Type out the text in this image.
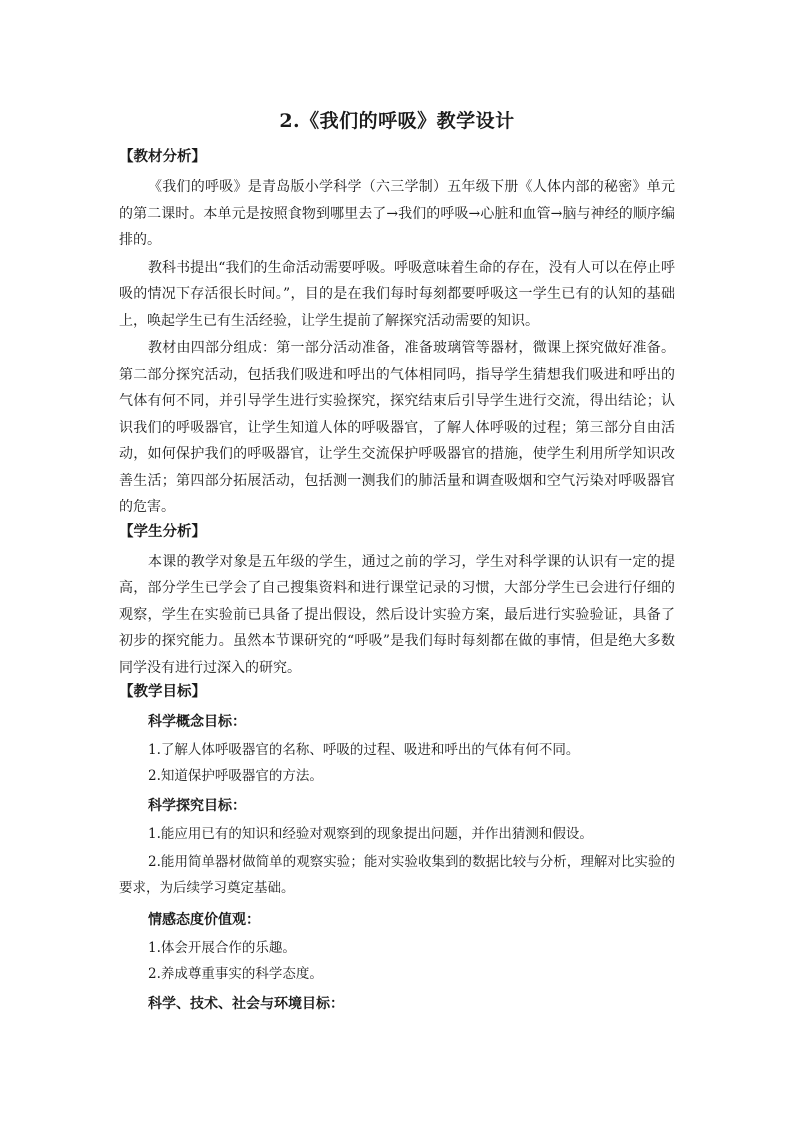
2.《我们的呼吸》教学设计
【教材分析】

《我们的呼吸》是青岛版小学科学（六三学制）五年级下册《人体内部的秘密》单元的第二课时。本单元是按照食物到哪里去了→我们的呼吸→心脏和血管→脑与神经的顺序编排的。

教科书提出“我们的生命活动需要呼吸。呼吸意味着生命的存在，没有人可以在停止呼吸的情况下存活很长时间。”，目的是在我们每时每刻都要呼吸这一学生已有的认知的基础上，唤起学生已有生活经验，让学生提前了解探究活动需要的知识。

教材由四部分组成：第一部分活动准备，准备玻璃管等器材，微课上探究做好准备。第二部分探究活动，包括我们吸进和呼出的气体相同吗，指导学生猜想我们吸进和呼出的气体有何不同，并引导学生进行实验探究，探究结束后引导学生进行交流，得出结论；认识我们的呼吸器官，让学生知道人体的呼吸器官，了解人体呼吸的过程；第三部分自由活动，如何保护我们的呼吸器官，让学生交流保护呼吸器官的措施，使学生利用所学知识改善生活；第四部分拓展活动，包括测一测我们的肺活量和调查吸烟和空气污染对呼吸器官的危害。

【学生分析】

本课的教学对象是五年级的学生，通过之前的学习，学生对科学课的认识有一定的提高，部分学生已学会了自己搜集资料和进行课堂记录的习惯，大部分学生已会进行仔细的观察，学生在实验前已具备了提出假设，然后设计实验方案，最后进行实验验证，具备了初步的探究能力。虽然本节课研究的“呼吸”是我们每时每刻都在做的事情，但是绝大多数同学没有进行过深入的研究。

【教学目标】
科学概念目标：
1.了解人体呼吸器官的名称、呼吸的过程、吸进和呼出的气体有何不同。
2.知道保护呼吸器官的方法。
科学探究目标：
1.能应用已有的知识和经验对观察到的现象提出问题，并作出猜测和假设。
2.能用简单器材做简单的观察实验；能对实验收集到的数据比较与分析，理解对比实验的要求，为后续学习奠定基础。
情感态度价值观：
1.体会开展合作的乐趣。
2.养成尊重事实的科学态度。
科学、技术、社会与环境目标：
